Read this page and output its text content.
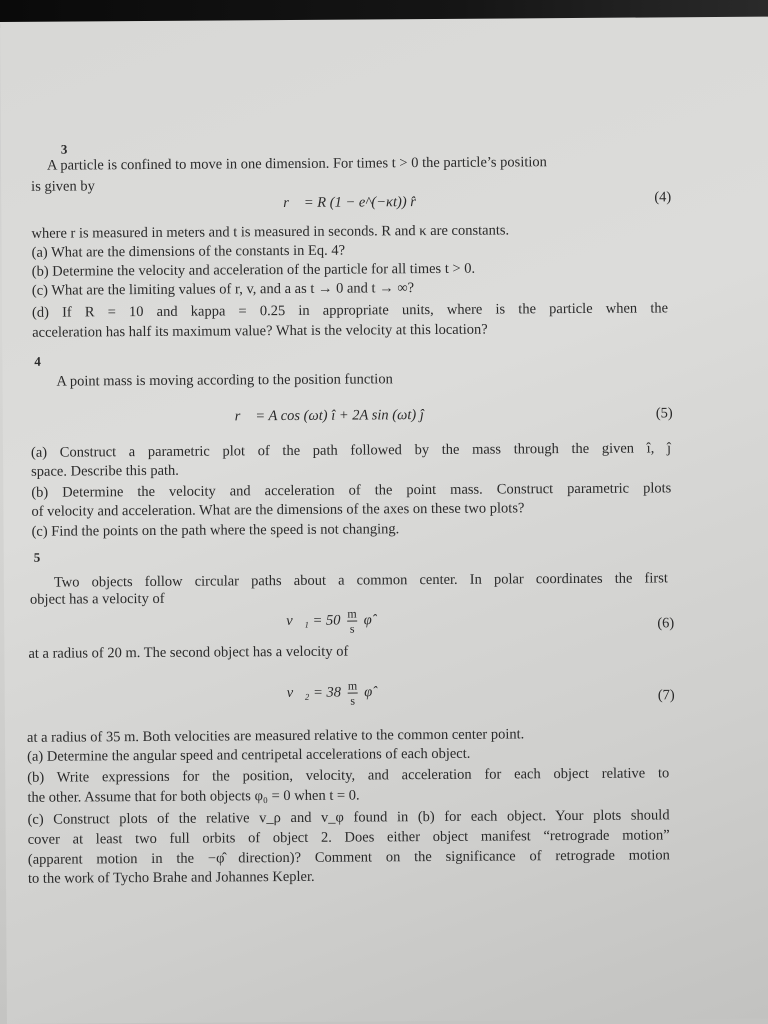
3
A particle is confined to move in one dimension. For times t > 0 the particle’s position
is given by
r⃗ = R (1 − e^(−κt)) r̂	(4)
where r is measured in meters and t is measured in seconds. R and κ are constants.
(a) What are the dimensions of the constants in Eq. 4?
(b) Determine the velocity and acceleration of the particle for all times t > 0.
(c) What are the limiting values of r, v, and a as t → 0 and t → ∞?
(d) If R = 10 and kappa = 0.25 in appropriate units, where is the particle when the
acceleration has half its maximum value? What is the velocity at this location?
4
A point mass is moving according to the position function
r⃗ = A cos (ωt) î + 2A sin (ωt) ĵ	(5)
(a) Construct a parametric plot of the path followed by the mass through the given î, ĵ
space. Describe this path.
(b) Determine the velocity and acceleration of the point mass. Construct parametric plots
of velocity and acceleration. What are the dimensions of the axes on these two plots?
(c) Find the points on the path where the speed is not changing.
5
Two objects follow circular paths about a common center. In polar coordinates the first
object has a velocity of
v⃗₁ = $50 \frac{m}{s}$ φ̂	(6)
at a radius of 20 m. The second object has a velocity of
v⃗₂ = $38 \frac{m}{s}$ φ̂	(7)
at a radius of 35 m. Both velocities are measured relative to the common center point.
(a) Determine the angular speed and centripetal accelerations of each object.
(b) Write expressions for the position, velocity, and acceleration for each object relative to
the other. Assume that for both objects φ₀ = 0 when t = 0.
(c) Construct plots of the relative v_ρ and v_φ found in (b) for each object. Your plots should
cover at least two full orbits of object 2. Does either object manifest “retrograde motion”
(apparent motion in the −φ̂ direction)? Comment on the significance of retrograde motion
to the work of Tycho Brahe and Johannes Kepler.
